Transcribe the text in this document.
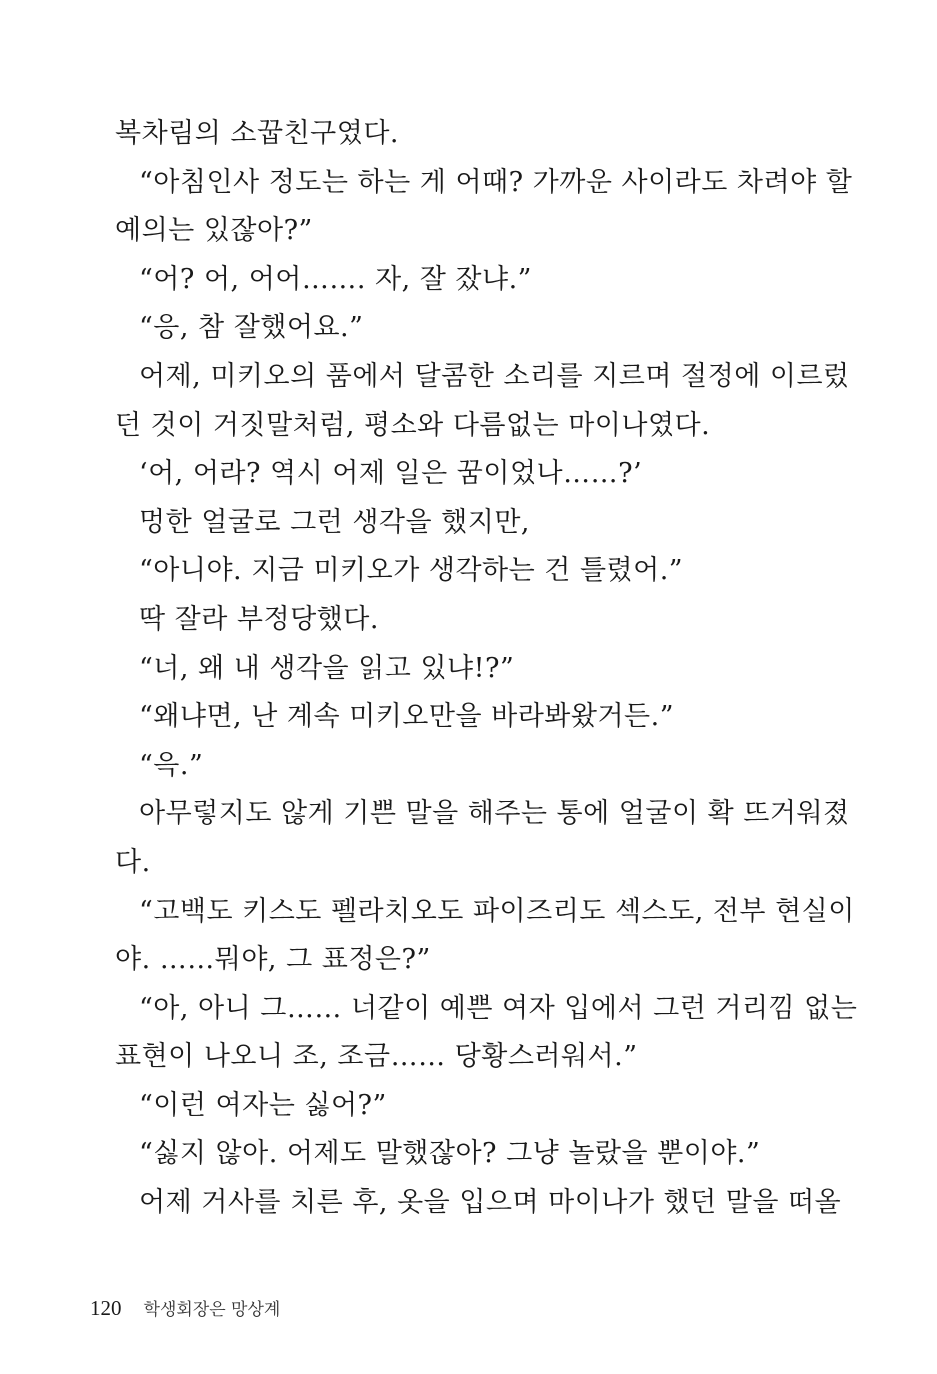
복차림의 소꿉친구였다.
“아침인사 정도는 하는 게 어때? 가까운 사이라도 차려야 할
예의는 있잖아?”
“어? 어, 어어……. 자, 잘 잤냐.”
“응, 참 잘했어요.”
어제, 미키오의 품에서 달콤한 소리를 지르며 절정에 이르렀
던 것이 거짓말처럼, 평소와 다름없는 마이나였다.
‘어, 어라? 역시 어제 일은 꿈이었나……?’
멍한 얼굴로 그런 생각을 했지만,
“아니야. 지금 미키오가 생각하는 건 틀렸어.”
딱 잘라 부정당했다.
“너, 왜 내 생각을 읽고 있냐!?”
“왜냐면, 난 계속 미키오만을 바라봐왔거든.”
“윽.”
아무렇지도 않게 기쁜 말을 해주는 통에 얼굴이 확 뜨거워졌
다.
“고백도 키스도 펠라치오도 파이즈리도 섹스도, 전부 현실이
야. ……뭐야, 그 표정은?”
“아, 아니 그…… 너같이 예쁜 여자 입에서 그런 거리낌 없는
표현이 나오니 조, 조금…… 당황스러워서.”
“이런 여자는 싫어?”
“싫지 않아. 어제도 말했잖아? 그냥 놀랐을 뿐이야.”
어제 거사를 치른 후, 옷을 입으며 마이나가 했던 말을 떠올
120 학생회장은 망상계
